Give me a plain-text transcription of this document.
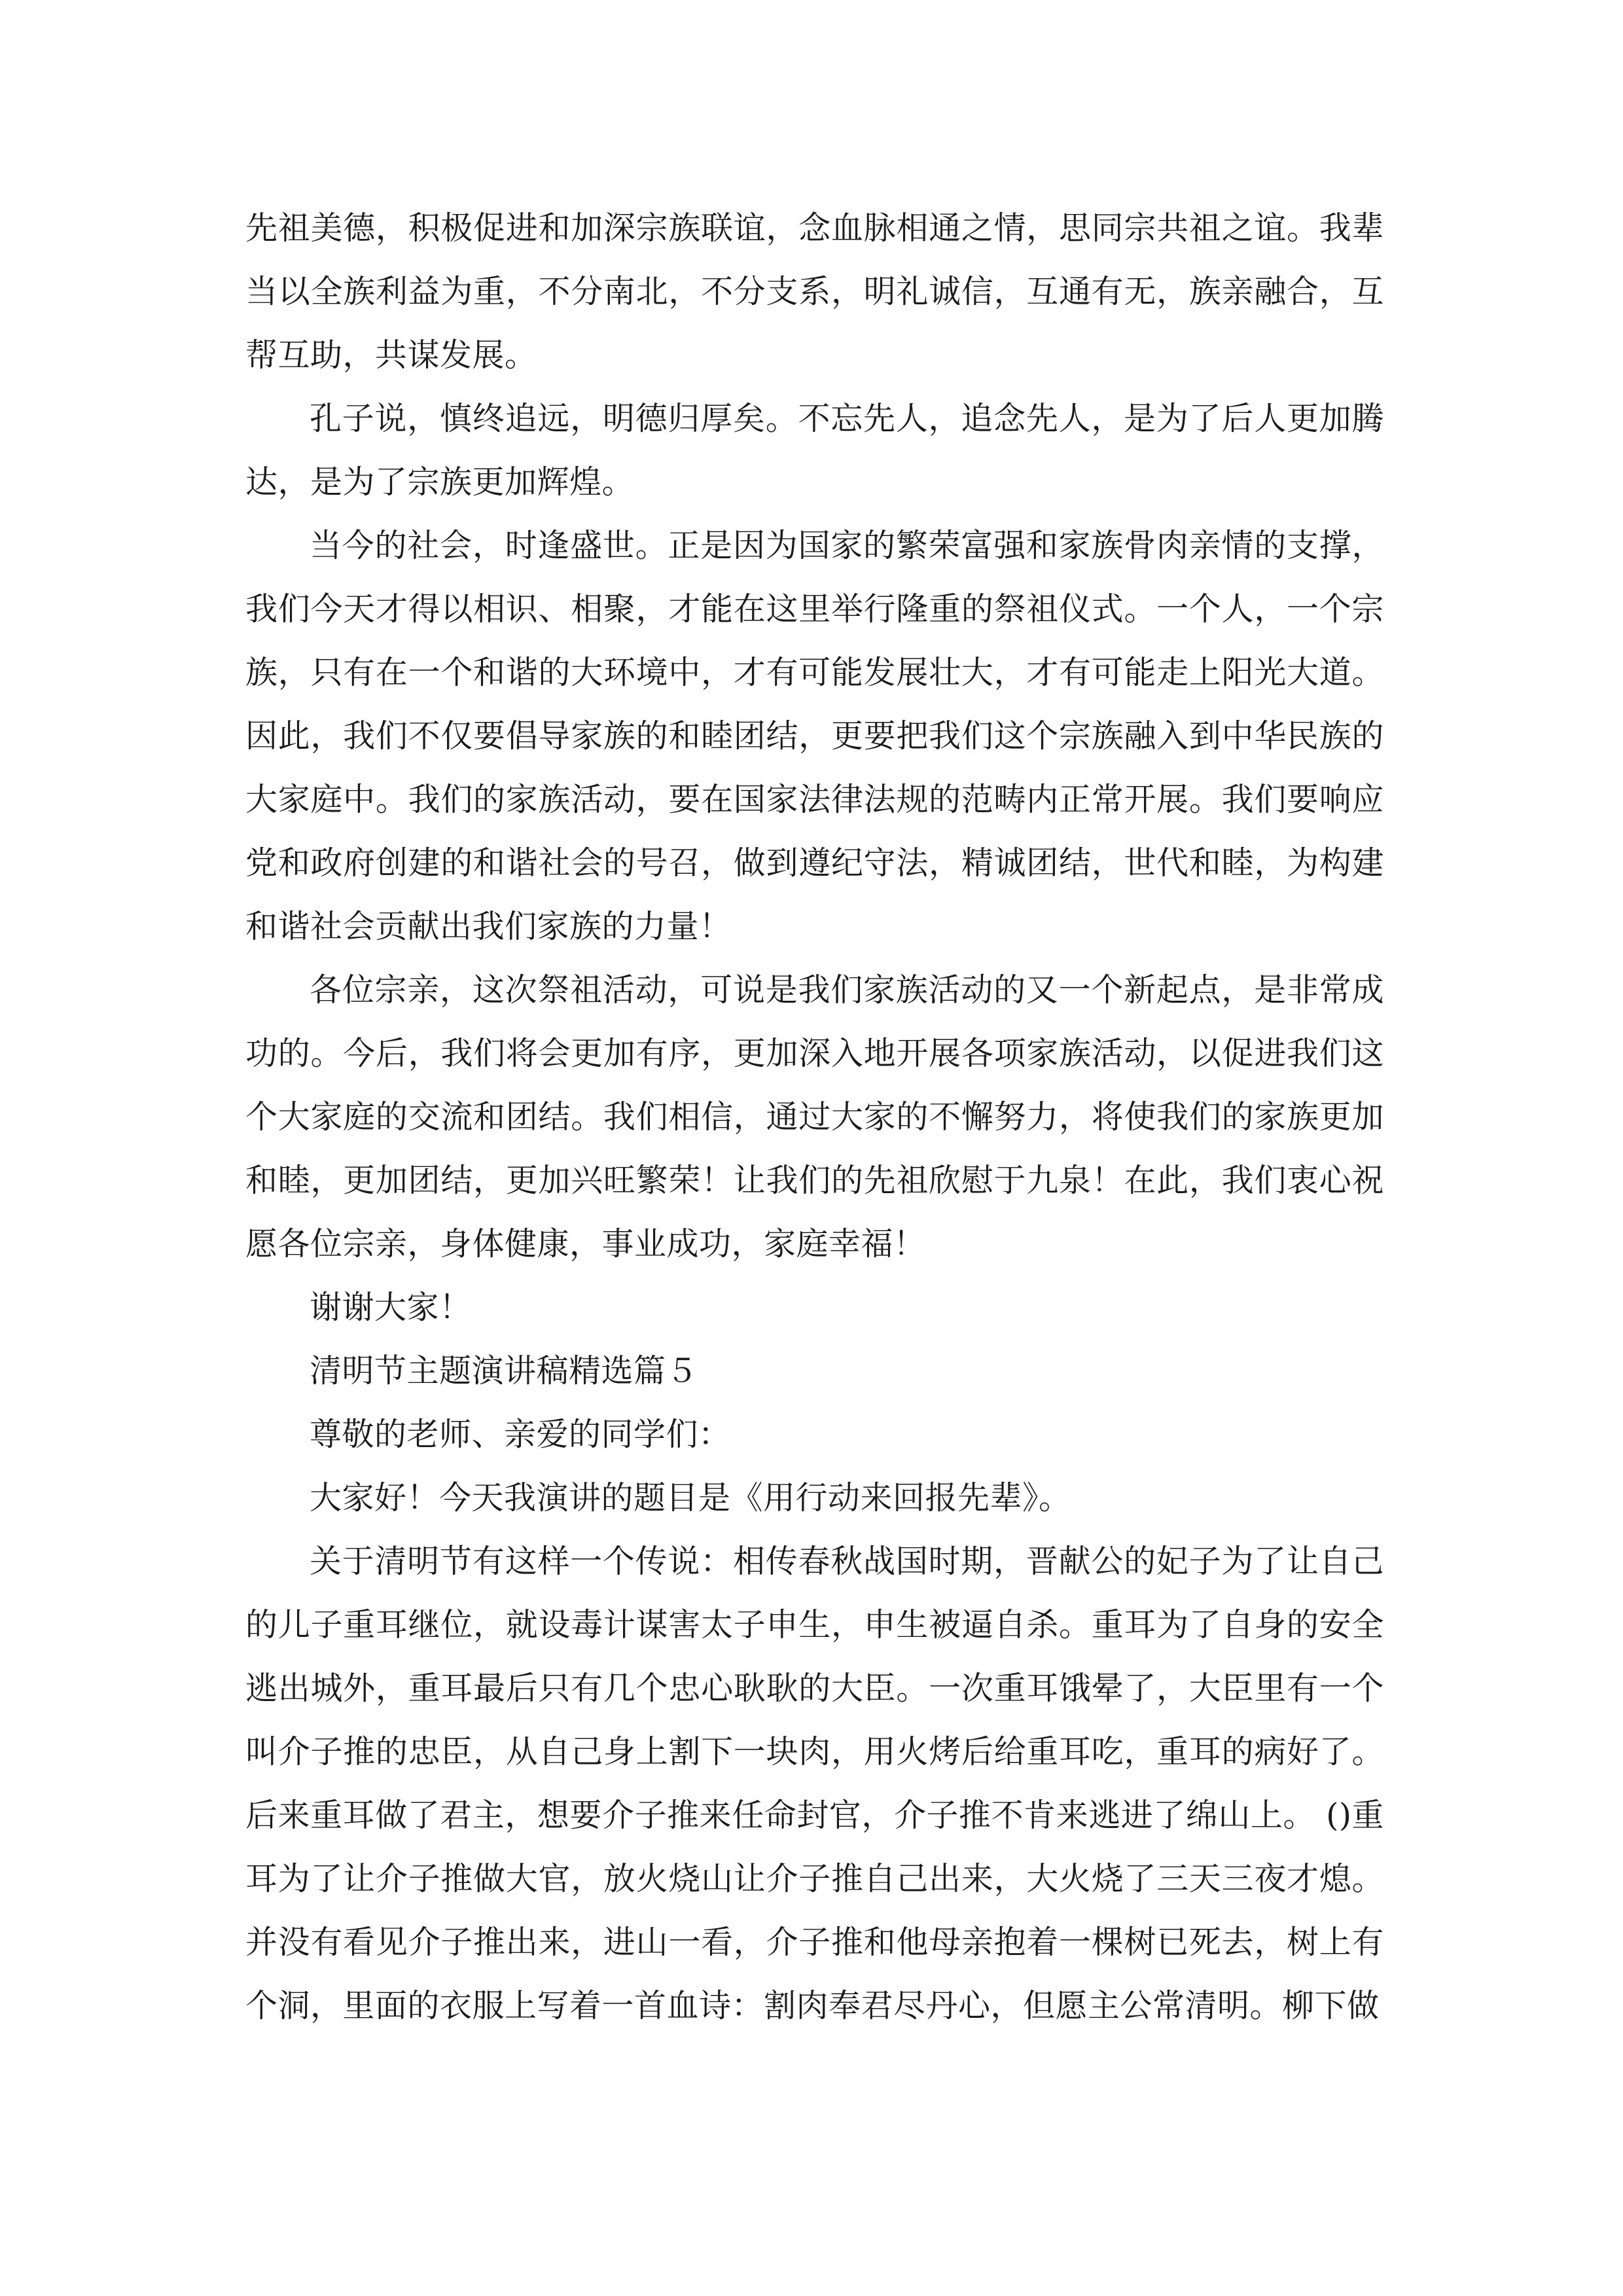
先祖美德，积极促进和加深宗族联谊，念血脉相通之情，思同宗共祖之谊。我辈当以全族利益为重，不分南北，不分支系，明礼诚信，互通有无，族亲融合，互帮互助，共谋发展。

孔子说，慎终追远，明德归厚矣。不忘先人，追念先人，是为了后人更加腾达，是为了宗族更加辉煌。

当今的社会，时逢盛世。正是因为国家的繁荣富强和家族骨肉亲情的支撑，我们今天才得以相识、相聚，才能在这里举行隆重的祭祖仪式。一个人，一个宗族，只有在一个和谐的大环境中，才有可能发展壮大，才有可能走上阳光大道。因此，我们不仅要倡导家族的和睦团结，更要把我们这个宗族融入到中华民族的大家庭中。我们的家族活动，要在国家法律法规的范畴内正常开展。我们要响应党和政府创建的和谐社会的号召，做到遵纪守法，精诚团结，世代和睦，为构建和谐社会贡献出我们家族的力量！

各位宗亲，这次祭祖活动，可说是我们家族活动的又一个新起点，是非常成功的。今后，我们将会更加有序，更加深入地开展各项家族活动，以促进我们这个大家庭的交流和团结。我们相信，通过大家的不懈努力，将使我们的家族更加和睦，更加团结，更加兴旺繁荣！让我们的先祖欣慰于九泉！在此，我们衷心祝愿各位宗亲，身体健康，事业成功，家庭幸福！

谢谢大家！

清明节主题演讲稿精选篇５

尊敬的老师、亲爱的同学们：

大家好！今天我演讲的题目是《用行动来回报先辈》。

关于清明节有这样一个传说：相传春秋战国时期，晋献公的妃子为了让自己的儿子重耳继位，就设毒计谋害太子申生，申生被逼自杀。重耳为了自身的安全逃出城外，重耳最后只有几个忠心耿耿的大臣。一次重耳饿晕了，大臣里有一个叫介子推的忠臣，从自己身上割下一块肉，用火烤后给重耳吃，重耳的病好了。后来重耳做了君主，想要介子推来任命封官，介子推不肯来逃进了绵山上。 ()重耳为了让介子推做大官，放火烧山让介子推自己出来，大火烧了三天三夜才熄。并没有看见介子推出来，进山一看，介子推和他母亲抱着一棵树已死去，树上有个洞，里面的衣服上写着一首血诗：割肉奉君尽丹心，但愿主公常清明。柳下做
